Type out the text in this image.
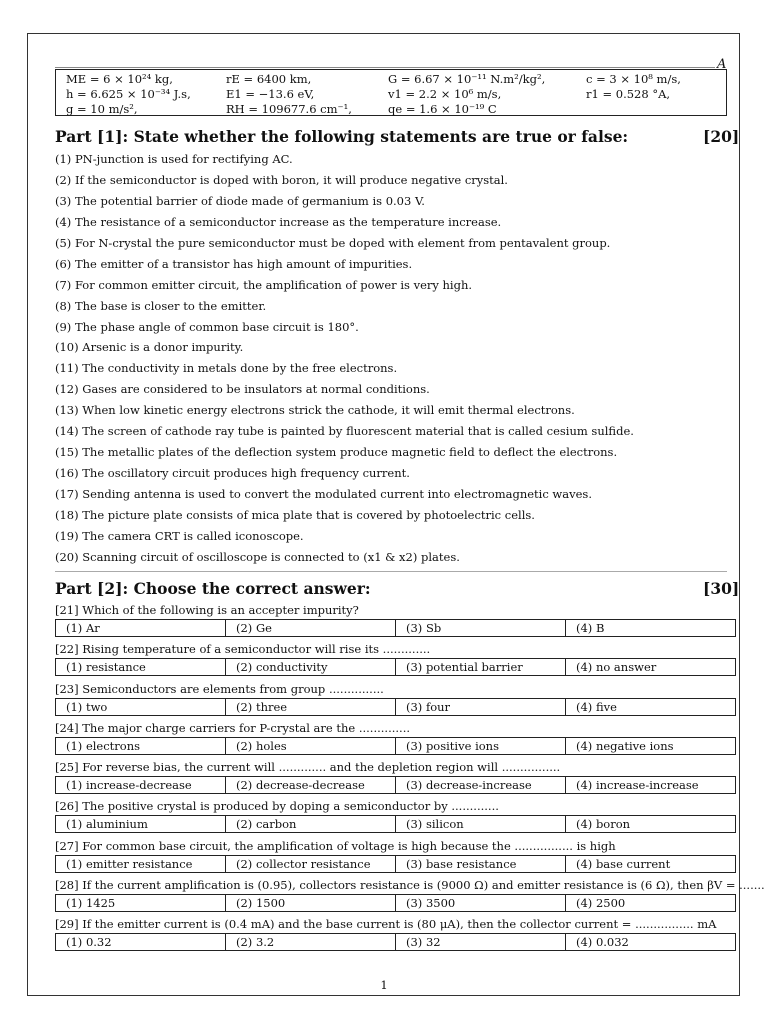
A
ME = 6 × 10²⁴ kg,	rE = 6400 km,	G = 6.67 × 10⁻¹¹ N.m²/kg²,	c = 3 × 10⁸ m/s,
h = 6.625 × 10⁻³⁴ J.s,	E1 = −13.6 eV,	v1 = 2.2 × 10⁶ m/s,	r1 = 0.528 °A,
g = 10 m/s²,	RH = 109677.6 cm⁻¹,	qe = 1.6 × 10⁻¹⁹ C
Part [1]: State whether the following statements are true or false:	[20]
(1) PN-junction is used for rectifying AC.
(2) If the semiconductor is doped with boron, it will produce negative crystal.
(3) The potential barrier of diode made of germanium is 0.03 V.
(4) The resistance of a semiconductor increase as the temperature increase.
(5) For N-crystal the pure semiconductor must be doped with element from pentavalent group.
(6) The emitter of a transistor has high amount of impurities.
(7) For common emitter circuit, the amplification of power is very high.
(8) The base is closer to the emitter.
(9) The phase angle of common base circuit is 180°.
(10) Arsenic is a donor impurity.
(11) The conductivity in metals done by the free electrons.
(12) Gases are considered to be insulators at normal conditions.
(13) When low kinetic energy electrons strick the cathode, it will emit thermal electrons.
(14) The screen of cathode ray tube is painted by fluorescent material that is called cesium sulfide.
(15) The metallic plates of the deflection system produce magnetic field to deflect the electrons.
(16) The oscillatory circuit produces high frequency current.
(17) Sending antenna is used to convert the modulated current into electromagnetic waves.
(18) The picture plate consists of mica plate that is covered by photoelectric cells.
(19) The camera CRT is called iconoscope.
(20) Scanning circuit of oscilloscope is connected to (x1 & x2) plates.
Part [2]: Choose the correct answer:	[30]
[21] Which of the following is an accepter impurity?
(1) Ar	(2) Ge	(3) Sb	(4) B
[22] Rising temperature of a semiconductor will rise its .............
(1) resistance	(2) conductivity	(3) potential barrier	(4) no answer
[23] Semiconductors are elements from group ...............
(1) two	(2) three	(3) four	(4) five
[24] The major charge carriers for P-crystal are the ..............
(1) electrons	(2) holes	(3) positive ions	(4) negative ions
[25] For reverse bias, the current will ............. and the depletion region will ................
(1) increase-decrease	(2) decrease-decrease	(3) decrease-increase	(4) increase-increase
[26] The positive crystal is produced by doping a semiconductor by .............
(1) aluminium	(2) carbon	(3) silicon	(4) boron
[27] For common base circuit, the amplification of voltage is high because the ................ is high
(1) emitter resistance	(2) collector resistance	(3) base resistance	(4) base current
[28] If the current amplification is (0.95), collectors resistance is (9000 Ω) and emitter resistance is (6 Ω), then βV = .......
(1) 1425	(2) 1500	(3) 3500	(4) 2500
[29] If the emitter current is (0.4 mA) and the base current is (80 μA), then the collector current = ................ mA
(1) 0.32	(2) 3.2	(3) 32	(4) 0.032
1
